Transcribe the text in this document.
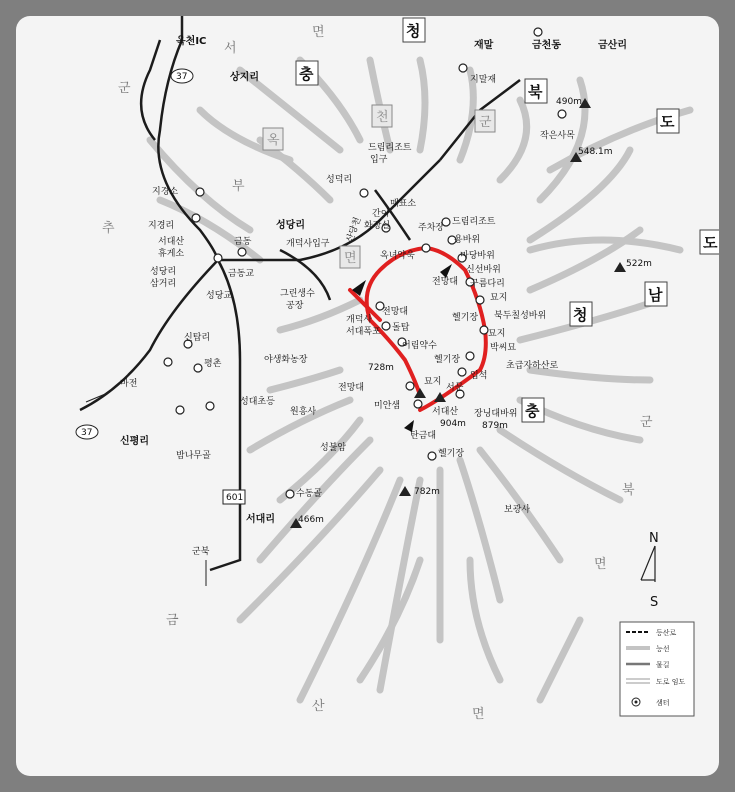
청
충
북
도
도
남
청
충
천	군
옥
면
서
면
군
부
추
군
북
면
금
산
면
옥천IC	재말	금천동	금산리
상지리
성당리
신평리
서대리
37
37
601
지말재
490m
작은사목
548.1m
드림리조트
입구
성덕리
매표소
지경소
지경리
서대산
휴게소
성당리
삼거리
금동
금동교
성당교
개덕사입구 산당천
간이
화장실
옥녀약욱
주차장
드림리조트
용바위
마당바위
신선바위
구름다리
전망대
묘지
그린생수
공장
개덕사
서대폭포
전망대
돌탑
어림약수
북두칠성바위
헬기장
묘지
박씨묘
헬기장
초급자하산로
입석
728m
전망대
묘지
서문
미안샘
서대산
904m
장닝대바위
879m
탄금대
헬기장
신탑리
평촌	야생화농장
마전
성대초등
원흥사
성불암
밤나무골
수동골	782m
보광사
466m
522m
군북
N
S
등산로
능선
물길
도로 임도
샘터
